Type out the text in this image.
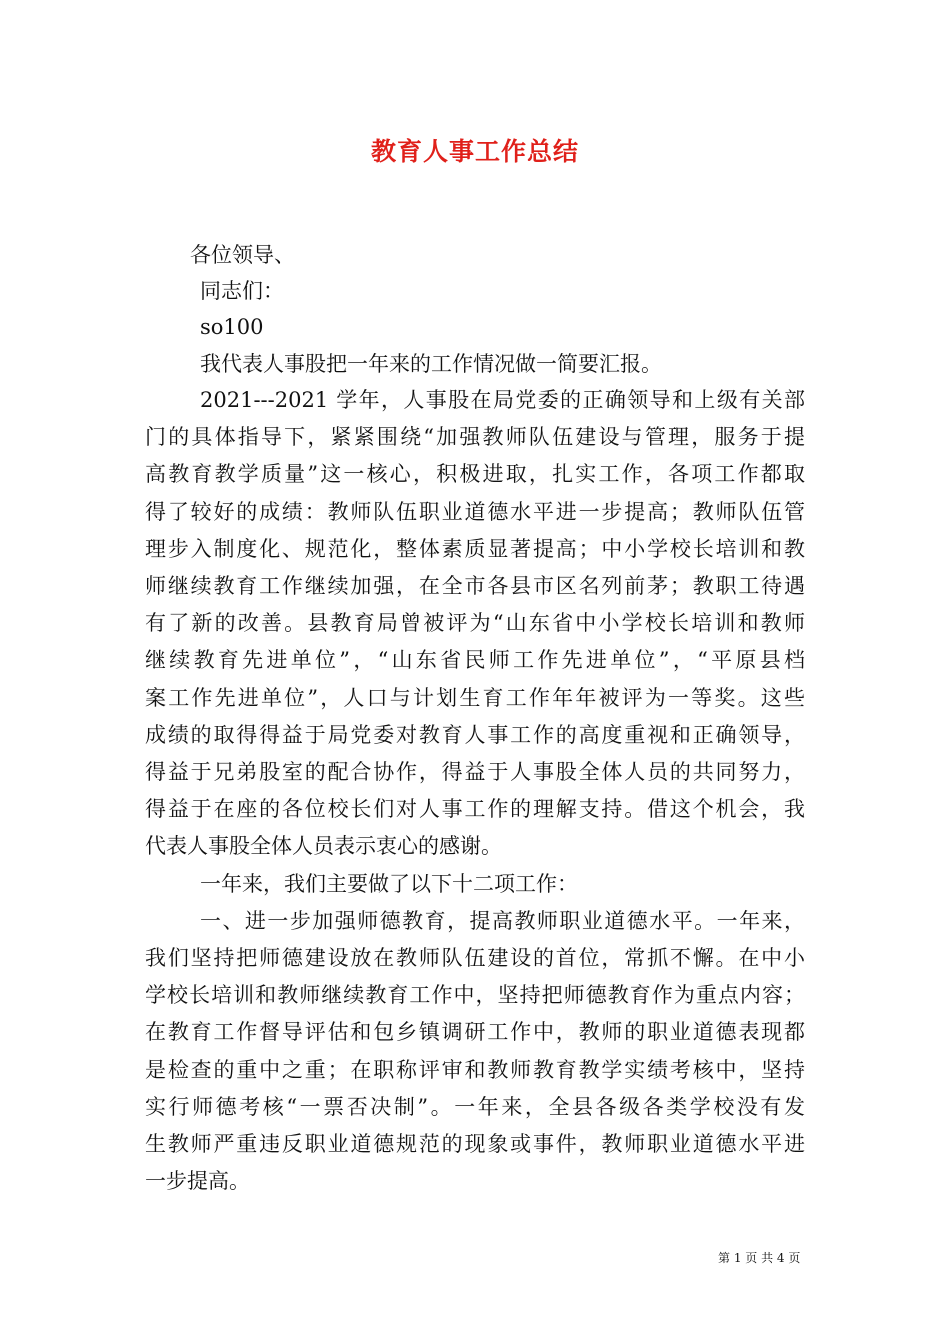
教育人事工作总结
各位领导、
同志们：
so100
我代表人事股把一年来的工作情况做一简要汇报。
2021---2021 学年，人事股在局党委的正确领导和上级有关部
门的具体指导下，紧紧围绕“加强教师队伍建设与管理，服务于提
高教育教学质量”这一核心，积极进取，扎实工作，各项工作都取
得了较好的成绩：教师队伍职业道德水平进一步提高；教师队伍管
理步入制度化、规范化，整体素质显著提高；中小学校长培训和教
师继续教育工作继续加强，在全市各县市区名列前茅；教职工待遇
有了新的改善。县教育局曾被评为“山东省中小学校长培训和教师
继续教育先进单位”，“山东省民师工作先进单位”，“平原县档
案工作先进单位”，人口与计划生育工作年年被评为一等奖。这些
成绩的取得得益于局党委对教育人事工作的高度重视和正确领导，
得益于兄弟股室的配合协作，得益于人事股全体人员的共同努力，
得益于在座的各位校长们对人事工作的理解支持。借这个机会，我
代表人事股全体人员表示衷心的感谢。
一年来，我们主要做了以下十二项工作：
一、进一步加强师德教育，提高教师职业道德水平。一年来，
我们坚持把师德建设放在教师队伍建设的首位，常抓不懈。在中小
学校长培训和教师继续教育工作中，坚持把师德教育作为重点内容；
在教育工作督导评估和包乡镇调研工作中，教师的职业道德表现都
是检查的重中之重；在职称评审和教师教育教学实绩考核中，坚持
实行师德考核“一票否决制”。一年来，全县各级各类学校没有发
生教师严重违反职业道德规范的现象或事件，教师职业道德水平进
一步提高。
第 1 页 共 4 页
